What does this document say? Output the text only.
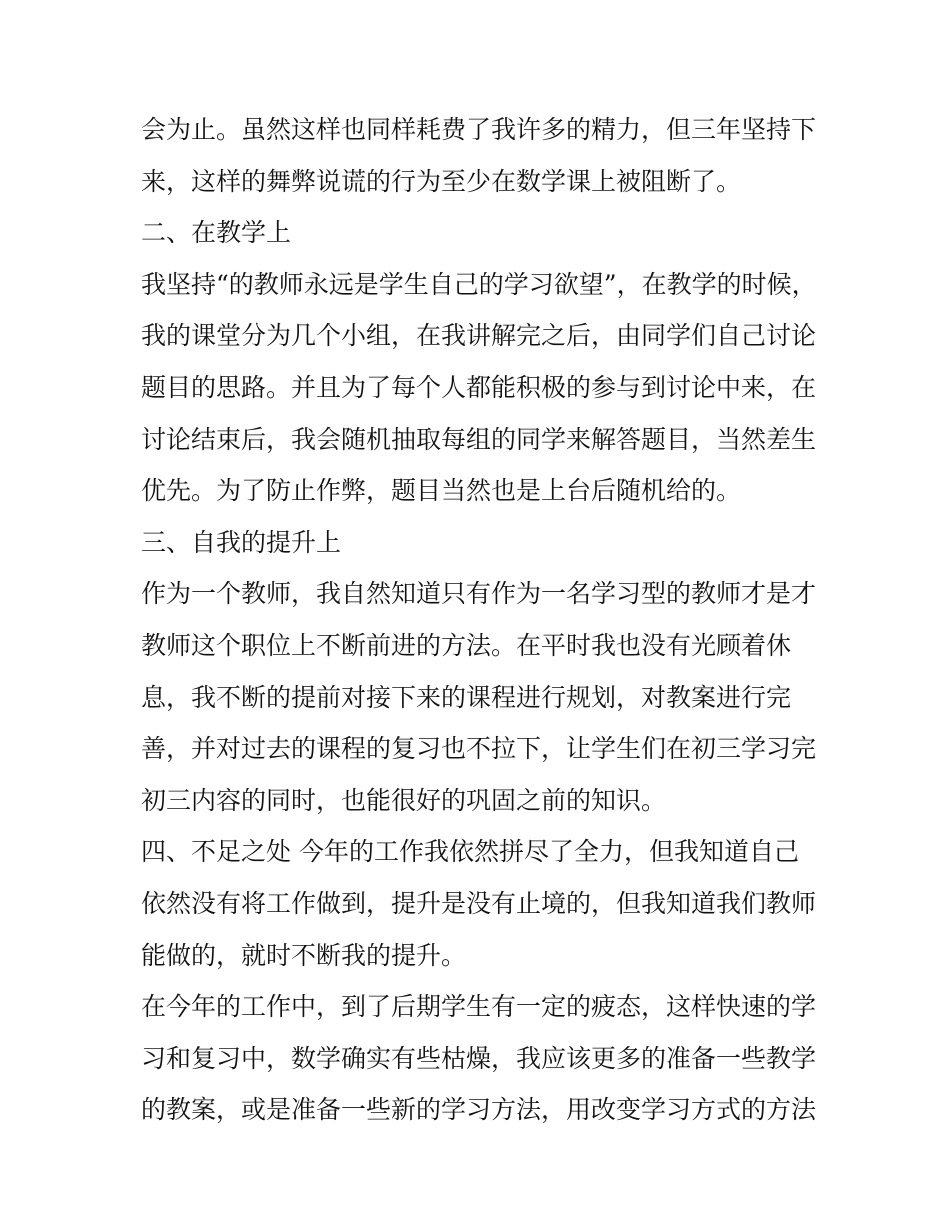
会为止。虽然这样也同样耗费了我许多的精力，但三年坚持下
来，这样的舞弊说谎的行为至少在数学课上被阻断了。
二、在教学上
我坚持“的教师永远是学生自己的学习欲望”，在教学的时候，
我的课堂分为几个小组，在我讲解完之后，由同学们自己讨论
题目的思路。并且为了每个人都能积极的参与到讨论中来，在
讨论结束后，我会随机抽取每组的同学来解答题目，当然差生
优先。为了防止作弊，题目当然也是上台后随机给的。
三、自我的提升上
作为一个教师，我自然知道只有作为一名学习型的教师才是才
教师这个职位上不断前进的方法。在平时我也没有光顾着休
息，我不断的提前对接下来的课程进行规划，对教案进行完
善，并对过去的课程的复习也不拉下，让学生们在初三学习完
初三内容的同时，也能很好的巩固之前的知识。
四、不足之处 今年的工作我依然拼尽了全力，但我知道自己
依然没有将工作做到，提升是没有止境的，但我知道我们教师
能做的，就时不断我的提升。
在今年的工作中，到了后期学生有一定的疲态，这样快速的学
习和复习中，数学确实有些枯燥，我应该更多的准备一些教学
的教案，或是准备一些新的学习方法，用改变学习方式的方法
